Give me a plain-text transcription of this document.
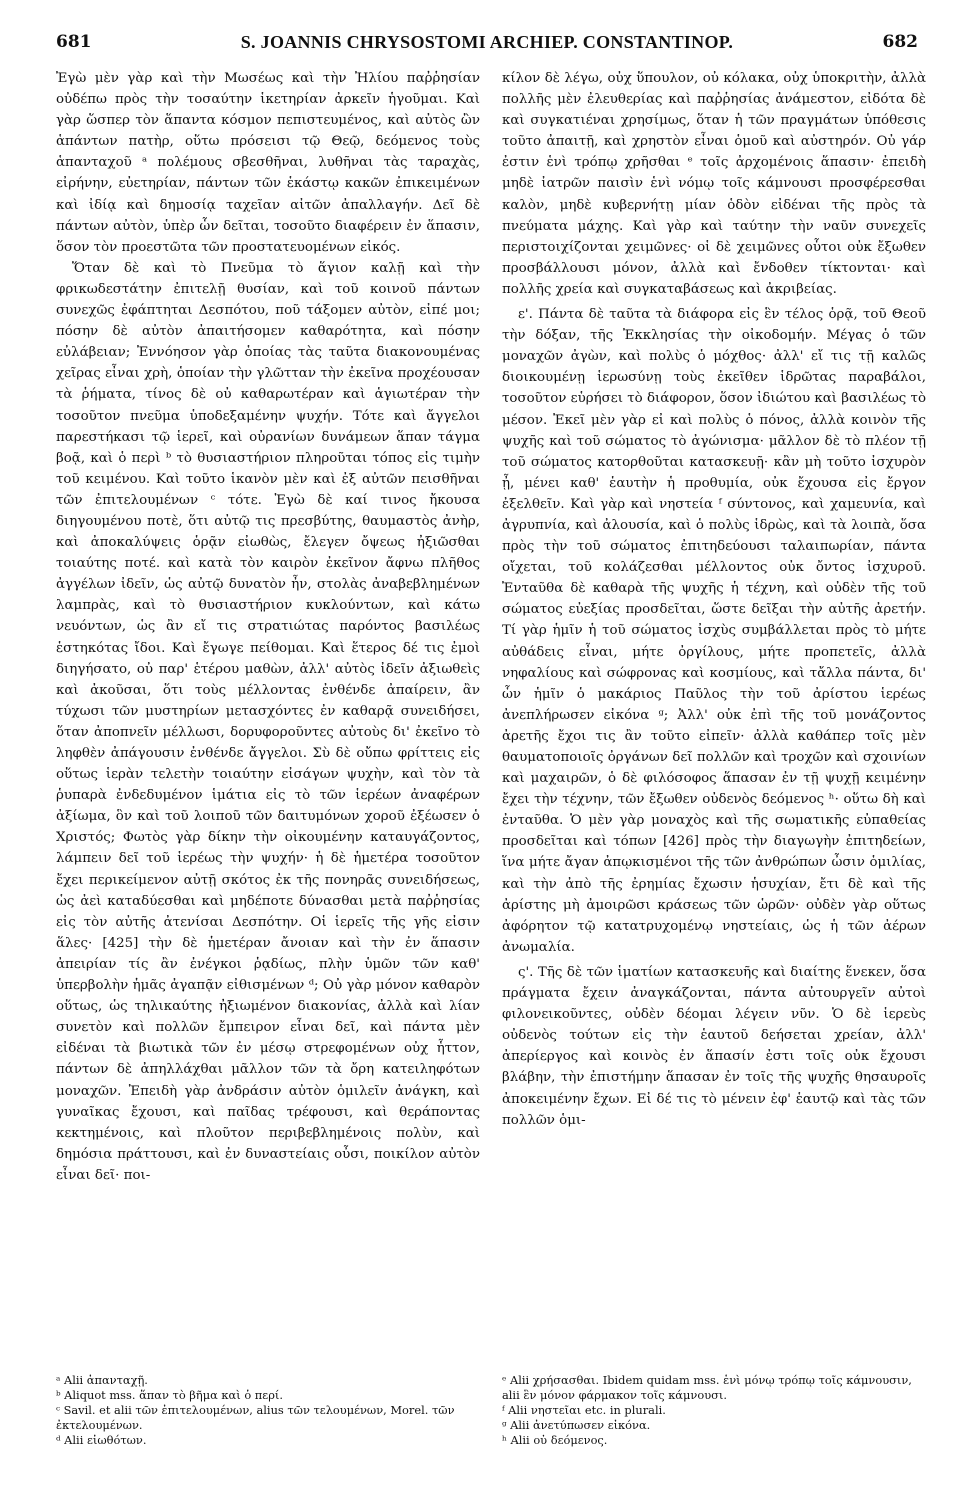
681	S. JOANNIS CHRYSOSTOMI ARCHIEP. CONSTANTINOP.	682

Ἐγὼ μὲν γὰρ καὶ τὴν Μωσέως καὶ τὴν Ἠλίου παῤῥησίαν οὐδέπω πρὸς τὴν τοσαύτην ἱκετηρίαν ἀρκεῖν ἡγοῦμαι. Καὶ γὰρ ὥσπερ τὸν ἅπαντα κόσμον πεπιστευμένος, καὶ αὐτὸς ὢν ἁπάντων πατὴρ, οὕτω πρόσεισι τῷ Θεῷ, δεόμενος τοὺς ἁπανταχοῦ ᵃ πολέμους σβεσθῆναι, λυθῆναι τὰς ταραχὰς, εἰρήνην, εὐετηρίαν, πάντων τῶν ἑκάστῳ κακῶν ἐπικειμένων καὶ ἰδίᾳ καὶ δημοσίᾳ ταχεῖαν αἰτῶν ἀπαλλαγήν. Δεῖ δὲ πάντων αὐτὸν, ὑπὲρ ὧν δεῖται, τοσοῦτο διαφέρειν ἐν ἅπασιν, ὅσον τὸν προεστῶτα τῶν προστατευομένων εἰκός.

Ὅταν δὲ καὶ τὸ Πνεῦμα τὸ ἅγιον καλῇ καὶ τὴν φρικωδεστάτην ἐπιτελῇ θυσίαν, καὶ τοῦ κοινοῦ πάντων συνεχῶς ἐφάπτηται Δεσπότου, ποῦ τάξομεν αὐτὸν, εἰπέ μοι; πόσην δὲ αὐτὸν ἀπαιτήσομεν καθαρότητα, καὶ πόσην εὐλάβειαν; Ἐννόησον γὰρ ὁποίας τὰς ταῦτα διακονουμένας χεῖρας εἶναι χρὴ, ὁποίαν τὴν γλῶτταν τὴν ἐκεῖνα προχέουσαν τὰ ῥήματα, τίνος δὲ οὐ καθαρωτέραν καὶ ἁγιωτέραν τὴν τοσοῦτον πνεῦμα ὑποδεξαμένην ψυχήν. Τότε καὶ ἄγγελοι παρεστήκασι τῷ ἱερεῖ, καὶ οὐρανίων δυνάμεων ἅπαν τάγμα βοᾷ, καὶ ὁ περὶ ᵇ τὸ θυσιαστήριον πληροῦται τόπος εἰς τιμὴν τοῦ κειμένου. Καὶ τοῦτο ἱκανὸν μὲν καὶ ἐξ αὐτῶν πεισθῆναι τῶν ἐπιτελουμένων ᶜ τότε. Ἐγὼ δὲ καί τινος ἤκουσα διηγουμένου ποτὲ, ὅτι αὐτῷ τις πρεσβύτης, θαυμαστὸς ἀνὴρ, καὶ ἀποκαλύψεις ὁρᾷν εἰωθὼς, ἔλεγεν ὄψεως ἠξιῶσθαι τοιαύτης ποτέ. καὶ κατὰ τὸν καιρὸν ἐκεῖνον ἄφνω πλῆθος ἀγγέλων ἰδεῖν, ὡς αὐτῷ δυνατὸν ἦν, στολὰς ἀναβεβλημένων λαμπρὰς, καὶ τὸ θυσιαστήριον κυκλούντων, καὶ κάτω νευόντων, ὡς ἂν εἴ τις στρατιώτας παρόντος βασιλέως ἑστηκότας ἴδοι. Καὶ ἔγωγε πείθομαι. Καὶ ἕτερος δέ τις ἐμοὶ διηγήσατο, οὐ παρ' ἑτέρου μαθὼν, ἀλλ' αὐτὸς ἰδεῖν ἀξιωθεὶς καὶ ἀκοῦσαι, ὅτι τοὺς μέλλοντας ἐνθένδε ἀπαίρειν, ἂν τύχωσι τῶν μυστηρίων μετασχόντες ἐν καθαρᾷ συνειδήσει, ὅταν ἀποπνεῖν μέλλωσι, δορυφοροῦντες αὐτοὺς δι' ἐκεῖνο τὸ ληφθὲν ἀπάγουσιν ἐνθένδε ἄγγελοι. Σὺ δὲ οὔπω φρίττεις εἰς οὕτως ἱερὰν τελετὴν τοιαύτην εἰσάγων ψυχὴν, καὶ τὸν τὰ ῥυπαρὰ ἐνδεδυμένον ἱμάτια εἰς τὸ τῶν ἱερέων ἀναφέρων ἀξίωμα, ὃν καὶ τοῦ λοιποῦ τῶν δαιτυμόνων χοροῦ ἐξέωσεν ὁ Χριστός; Φωτὸς γὰρ δίκην τὴν οἰκουμένην καταυγάζοντος, λάμπειν δεῖ τοῦ ἱερέως τὴν ψυχήν· ἡ δὲ ἡμετέρα τοσοῦτον ἔχει περικείμενον αὐτῇ σκότος ἐκ τῆς πονηρᾶς συνειδήσεως, ὡς ἀεὶ καταδύεσθαι καὶ μηδέποτε δύνασθαι μετὰ παῤῥησίας εἰς τὸν αὐτῆς ἀτενίσαι Δεσπότην. Οἱ ἱερεῖς τῆς γῆς εἰσιν ἅλες· [425] τὴν δὲ ἡμετέραν ἄνοιαν καὶ τὴν ἐν ἅπασιν ἀπειρίαν τίς ἂν ἐνέγκοι ῥᾳδίως, πλὴν ὑμῶν τῶν καθ' ὑπερβολὴν ἡμᾶς ἀγαπᾷν εἰθισμένων ᵈ; Οὐ γὰρ μόνον καθαρὸν οὕτως, ὡς τηλικαύτης ἠξιωμένον διακονίας, ἀλλὰ καὶ λίαν συνετὸν καὶ πολλῶν ἔμπειρον εἶναι δεῖ, καὶ πάντα μὲν εἰδέναι τὰ βιωτικὰ τῶν ἐν μέσῳ στρεφομένων οὐχ ἧττον, πάντων δὲ ἀπηλλάχθαι μᾶλλον τῶν τὰ ὄρη κατειληφότων μοναχῶν. Ἐπειδὴ γὰρ ἀνδράσιν αὐτὸν ὁμιλεῖν ἀνάγκη, καὶ γυναῖκας ἔχουσι, καὶ παῖδας τρέφουσι, καὶ θεράποντας κεκτημένοις, καὶ πλοῦτον περιβεβλημένοις πολὺν, καὶ δημόσια πράττουσι, καὶ ἐν δυναστείαις οὖσι, ποικίλον αὐτὸν εἶναι δεῖ· ποι-

κίλον δὲ λέγω, οὐχ ὕπουλον, οὐ κόλακα, οὐχ ὑποκριτὴν, ἀλλὰ πολλῆς μὲν ἐλευθερίας καὶ παῤῥησίας ἀνάμεστον, εἰδότα δὲ καὶ συγκατιέναι χρησίμως, ὅταν ἡ τῶν πραγμάτων ὑπόθεσις τοῦτο ἀπαιτῇ, καὶ χρηστὸν εἶναι ὁμοῦ καὶ αὐστηρόν. Οὐ γάρ ἐστιν ἑνὶ τρόπῳ χρῆσθαι ᵉ τοῖς ἀρχομένοις ἅπασιν· ἐπειδὴ μηδὲ ἰατρῶν παισὶν ἑνὶ νόμῳ τοῖς κάμνουσι προσφέρεσθαι καλὸν, μηδὲ κυβερνήτῃ μίαν ὁδὸν εἰδέναι τῆς πρὸς τὰ πνεύματα μάχης. Καὶ γὰρ καὶ ταύτην τὴν ναῦν συνεχεῖς περιστοιχίζονται χειμῶνες· οἱ δὲ χειμῶνες οὗτοι οὐκ ἔξωθεν προσβάλλουσι μόνον, ἀλλὰ καὶ ἔνδοθεν τίκτονται· καὶ πολλῆς χρεία καὶ συγκαταβάσεως καὶ ἀκριβείας.

ε'. Πάντα δὲ ταῦτα τὰ διάφορα εἰς ἓν τέλος ὁρᾷ, τοῦ Θεοῦ τὴν δόξαν, τῆς Ἐκκλησίας τὴν οἰκοδομήν. Μέγας ὁ τῶν μοναχῶν ἀγὼν, καὶ πολὺς ὁ μόχθος· ἀλλ' εἴ τις τῇ καλῶς διοικουμένῃ ἱερωσύνῃ τοὺς ἐκεῖθεν ἱδρῶτας παραβάλοι, τοσοῦτον εὑρήσει τὸ διάφορον, ὅσον ἰδιώτου καὶ βασιλέως τὸ μέσον. Ἐκεῖ μὲν γὰρ εἰ καὶ πολὺς ὁ πόνος, ἀλλὰ κοινὸν τῆς ψυχῆς καὶ τοῦ σώματος τὸ ἀγώνισμα· μᾶλλον δὲ τὸ πλέον τῇ τοῦ σώματος κατορθοῦται κατασκευῇ· κἂν μὴ τοῦτο ἰσχυρὸν ᾖ, μένει καθ' ἑαυτὴν ἡ προθυμία, οὐκ ἔχουσα εἰς ἔργον ἐξελθεῖν. Καὶ γὰρ καὶ νηστεία ᶠ σύντονος, καὶ χαμευνία, καὶ ἀγρυπνία, καὶ ἀλουσία, καὶ ὁ πολὺς ἱδρὼς, καὶ τὰ λοιπὰ, ὅσα πρὸς τὴν τοῦ σώματος ἐπιτηδεύουσι ταλαιπωρίαν, πάντα οἴχεται, τοῦ κολάζεσθαι μέλλοντος οὐκ ὄντος ἰσχυροῦ. Ἐνταῦθα δὲ καθαρὰ τῆς ψυχῆς ἡ τέχνη, καὶ οὐδὲν τῆς τοῦ σώματος εὐεξίας προσδεῖται, ὥστε δεῖξαι τὴν αὐτῆς ἀρετήν. Τί γὰρ ἡμῖν ἡ τοῦ σώματος ἰσχὺς συμβάλλεται πρὸς τὸ μήτε αὐθάδεις εἶναι, μήτε ὀργίλους, μήτε προπετεῖς, ἀλλὰ νηφαλίους καὶ σώφρονας καὶ κοσμίους, καὶ τἄλλα πάντα, δι' ὧν ἡμῖν ὁ μακάριος Παῦλος τὴν τοῦ ἀρίστου ἱερέως ἀνεπλήρωσεν εἰκόνα ᵍ; Ἀλλ' οὐκ ἐπὶ τῆς τοῦ μονάζοντος ἀρετῆς ἔχοι τις ἂν τοῦτο εἰπεῖν· ἀλλὰ καθάπερ τοῖς μὲν θαυματοποιοῖς ὀργάνων δεῖ πολλῶν καὶ τροχῶν καὶ σχοινίων καὶ μαχαιρῶν, ὁ δὲ φιλόσοφος ἅπασαν ἐν τῇ ψυχῇ κειμένην ἔχει τὴν τέχνην, τῶν ἔξωθεν οὐδενὸς δεόμενος ʰ· οὕτω δὴ καὶ ἐνταῦθα. Ὁ μὲν γὰρ μοναχὸς καὶ τῆς σωματικῆς εὐπαθείας προσδεῖται καὶ τόπων [426] πρὸς τὴν διαγωγὴν ἐπιτηδείων, ἵνα μήτε ἄγαν ἀπῳκισμένοι τῆς τῶν ἀνθρώπων ὦσιν ὁμιλίας, καὶ τὴν ἀπὸ τῆς ἐρημίας ἔχωσιν ἡσυχίαν, ἔτι δὲ καὶ τῆς ἀρίστης μὴ ἀμοιρῶσι κράσεως τῶν ὡρῶν· οὐδὲν γὰρ οὕτως ἀφόρητον τῷ κατατρυχομένῳ νηστείαις, ὡς ἡ τῶν ἀέρων ἀνωμαλία.

ς'. Τῆς δὲ τῶν ἱματίων κατασκευῆς καὶ διαίτης ἕνεκεν, ὅσα πράγματα ἔχειν ἀναγκάζονται, πάντα αὐτουργεῖν αὐτοὶ φιλονεικοῦντες, οὐδὲν δέομαι λέγειν νῦν. Ὁ δὲ ἱερεὺς οὐδενὸς τούτων εἰς τὴν ἑαυτοῦ δεήσεται χρείαν, ἀλλ' ἀπερίεργος καὶ κοινὸς ἐν ἅπασίν ἐστι τοῖς οὐκ ἔχουσι βλάβην, τὴν ἐπιστήμην ἅπασαν ἐν τοῖς τῆς ψυχῆς θησαυροῖς ἀποκειμένην ἔχων. Εἰ δέ τις τὸ μένειν ἐφ' ἑαυτῷ καὶ τὰς τῶν πολλῶν ὁμι-

ᵃ Alii ἁπανταχῇ.
ᵇ Aliquot mss. ἅπαν τὸ βῆμα καὶ ὁ περί.
ᶜ Savil. et alii τῶν ἐπιτελουμένων, alius τῶν τελουμένων, Morel. τῶν ἐκτελουμένων.
ᵈ Alii εἰωθότων.
ᵉ Alii χρήσασθαι. Ibidem quidam mss. ἑνὶ μόνῳ τρόπῳ τοῖς κάμνουσιν, alii ἓν μόνον φάρμακον τοῖς κάμνουσι.
ᶠ Alii νηστεῖαι etc. in plurali.
ᵍ Alii ἀνετύπωσεν εἰκόνα.
ʰ Alii οὐ δεόμενος.
